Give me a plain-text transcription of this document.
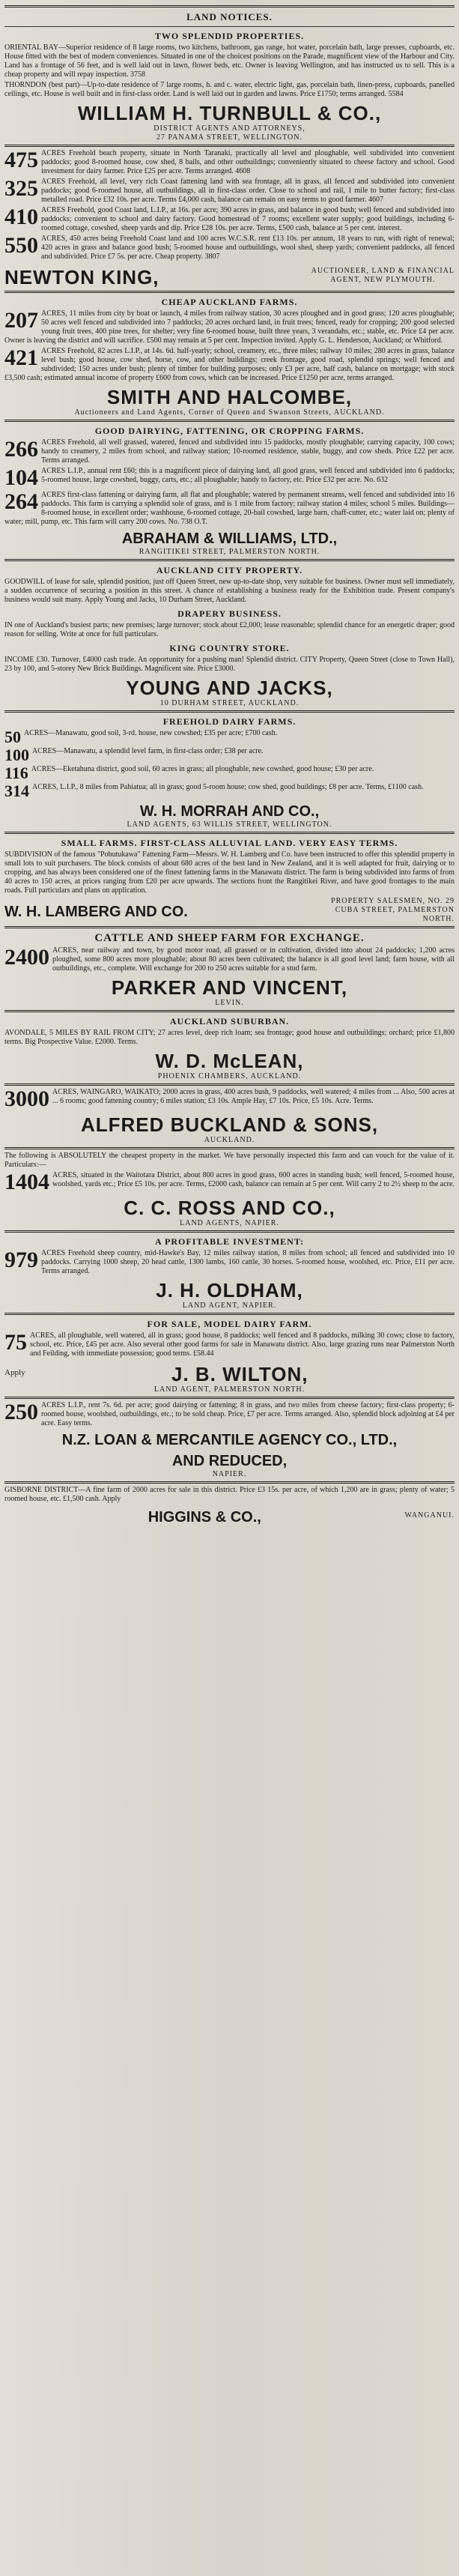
LAND NOTICES.
TWO SPLENDID PROPERTIES.

ORIENTAL BAY—Superior residence of 8 large rooms, two kitchens, bathroom, gas range, hot water, porcelain bath, large presses, cupboards, etc. House fitted with the best of modern conveniences. Situated in one of the choicest positions on the Parade, magnificent view of the Harbour and City. Land has a frontage of 56 feet, and is well laid out in lawn, flower beds, etc. Owner is leaving Wellington, and has instructed us to sell. This is a cheap property and will repay inspection. 3758

THORNDON (best part)—Up-to-date residence of 7 large rooms, h. and c. water, electric light, gas, porcelain bath, linen-press, cupboards, panelled ceilings, etc. House is well built and in first-class order. Land is well laid out in garden and lawns. Price £1750; terms arranged. 5584

WILLIAM H. TURNBULL & CO.,
DISTRICT AGENTS AND ATTORNEYS,
27 PANAMA STREET, WELLINGTON.
475 ACRES Freehold beach property, situate in North Taranaki, practically all level and ploughable, well subdivided into convenient paddocks; good 8-roomed house, cow shed, 8 bails, and other outbuildings; conveniently situated to cheese factory and school. Good investment for dairy farmer. Price £25 per acre. Terms arranged. 4608
325 ACRES Freehold, all level, very rich Coast fattening land with sea frontage, all in grass, all fenced and subdivided into convenient paddocks; good 6-roomed house, all outbuildings, all in first-class order. Close to school and rail, 1 mile to butter factory; first-class metalled road. Price £32 10s. per acre. Terms £4,000 cash, balance can remain on easy terms to good farmer. 4607
410 ACRES Freehold, good Coast land, L.I.P., at 16s. per acre; 390 acres in grass, and balance in good bush; well fenced and subdivided into paddocks; convenient to school and dairy factory. Good homestead of 7 rooms; excellent water supply; good buildings, including 6-roomed cottage, cowshed, sheep yards and dip. Price £28 10s. per acre. Terms, £500 cash, balance at 5 per cent. interest.
550 ACRES, 450 acres being Freehold Coast land and 100 acres W.C.S.R. rent £13 10s. per annum, 18 years to run, with right of renewal; 420 acres in grass and balance good bush; 5-roomed house and outbuildings, wool shed, sheep yards; convenient paddocks, all fenced and subdivided. Price £7 5s. per acre. Cheap property. 3807
NEWTON KING,	AUCTIONEER, LAND & FINANCIAL
AGENT, NEW PLYMOUTH.
CHEAP AUCKLAND FARMS.
207 ACRES, 11 miles from city by boat or launch, 4 miles from railway station, 30 acres ploughed and in good grass; 120 acres ploughable; 50 acres well fenced and subdivided into 7 paddocks; 20 acres orchard land, in fruit trees; fenced, ready for cropping; 200 good selected young fruit trees, 400 pine trees, for shelter; very fine 6-roomed house, built three years, 3 verandahs, etc.; stable, etc. Price £4 per acre. Owner is leaving the district and will sacrifice. £500 may remain at 5 per cent. Inspection invited. Apply G. L. Henderson, Auckland; or Whitford.
421 ACRES Freehold, 82 acres L.I.P., at 14s. 6d. half-yearly; school, creamery, etc., three miles; railway 10 miles; 280 acres in grass, balance level bush; good house, cow shed, horse, cow, and other buildings; creek frontage, good road, splendid springs; well fenced and subdivided; 150 acres under bush; plenty of timber for building purposes; only £3 per acre, half cash, balance on mortgage; with stock £3,500 cash; estimated annual income of property £600 from cows, which can be increased. Price £1250 per acre, terms arranged.
SMITH AND HALCOMBE,
Auctioneers and Land Agents, Corner of Queen and Swanson Streets, AUCKLAND.
GOOD DAIRYING, FATTENING, OR CROPPING FARMS.
266 ACRES Freehold, all well grassed, watered, fenced and subdivided into 15 paddocks, mostly ploughable; carrying capacity, 100 cows; handy to creamery, 2 miles from school, and railway station; 10-roomed residence, stable, buggy, and cow sheds. Price £22 per acre. Terms arranged.
104 ACRES L.I.P., annual rent £60; this is a magnificent piece of dairying land, all good grass, well fenced and subdivided into 6 paddocks; 5-roomed house, large cowshed, buggy, carts, etc.; all ploughable; handy to factory, etc. Price £32 per acre. No. 632
264 ACRES first-class fattening or dairying farm, all flat and ploughable; watered by permanent streams, well fenced and subdivided into 16 paddocks. This farm is carrying a splendid sole of grass, and is 1 mile from factory; railway station 4 miles; school 5 miles. Buildings—8-roomed house, in excellent order; washhouse, 6-roomed cottage, 20-bail cowshed, large barn, chaff-cutter, etc.; water laid on; plenty of water; mill, pump, etc. This farm will carry 200 cows. No. 738 O.T.
ABRAHAM & WILLIAMS, LTD.,
RANGITIKEI STREET, PALMERSTON NORTH.
AUCKLAND CITY PROPERTY.

GOODWILL of lease for sale, splendid position, just off Queen Street, new up-to-date shop, very suitable for business. Owner must sell immediately, a sudden occurrence of securing a position in this street. A chance of establishing a business ready for the Exhibition trade. Present company's business would suit many. Apply Young and Jacks, 10 Durham Street, Auckland.

DRAPERY BUSINESS.

IN one of Auckland's busiest parts; new premises; large turnover; stock about £2,000; lease reasonable; splendid chance for an energetic draper; good reason for selling. Write at once for full particulars.

KING COUNTRY STORE.

INCOME £30. Turnover, £4000 cash trade. An opportunity for a pushing man! Splendid district. CITY Property, Queen Street (close to Town Hall), 23 by 100, and 5-storey New Brick Buildings. Magnificent site. Price £3000.

YOUNG AND JACKS,
10 DURHAM STREET, AUCKLAND.
FREEHOLD DAIRY FARMS.
50 ACRES—Manawatu, good soil, 3-rd. house, new cowshed; £35 per acre; £700 cash.
100 ACRES—Manawatu, a splendid level farm, in first-class order; £38 per acre.
116 ACRES—Eketahuna district, good soil, 60 acres in grass; all ploughable, new cowshed, good house; £30 per acre.
314 ACRES, L.I.P., 8 miles from Pahiatua; all in grass; good 5-room house; cow shed, good buildings; £8 per acre. Terms, £1100 cash.
W. H. MORRAH AND CO.,
LAND AGENTS, 63 WILLIS STREET, WELLINGTON.
SMALL FARMS. FIRST-CLASS ALLUVIAL LAND. VERY EASY TERMS.

SUBDIVISION of the famous "Pohutukawa" Fattening Farm—Messrs. W. H. Lamberg and Co. have been instructed to offer this splendid property in small lots to suit purchasers. The block consists of about 680 acres of the best land in New Zealand, and it is well adapted for fruit, dairying or to cropping, and has always been considered one of the finest fattening farms in the Manawatu district. The farm is being subdivided into farms of from 40 acres to 150 acres, at prices ranging from £20 per acre upwards. The sections front the Rangitikei River, and have good frontages to the main roads. Full particulars and plans on application.

W. H. LAMBERG AND CO.
PROPERTY SALESMEN, NO. 29 CUBA STREET, PALMERSTON NORTH.
CATTLE AND SHEEP FARM FOR EXCHANGE.
2400 ACRES, near railway and town, by good motor road, all grassed or in cultivation, divided into about 24 paddocks; 1,200 acres ploughed, some 800 acres more ploughable; about 80 acres been cultivated; the balance is all good level land; farm house, with all outbuildings, etc., complete. Will exchange for 200 to 250 acres suitable for a stud farm.
PARKER AND VINCENT,
LEVIN.
AUCKLAND SUBURBAN.

AVONDALE, 5 MILES BY RAIL FROM CITY; 27 acres level, deep rich loam; sea frontage; good house and outbuildings; orchard; price £1,800 terms. Big Prospective Value. £2000. Terms.

W. D. McLEAN,
PHOENIX CHAMBERS, AUCKLAND.
3000 ACRES, WAINGARO, WAIKATO; 2000 acres in grass, 400 acres bush, 9 paddocks, well watered; 4 miles from ... Also, 500 acres at ... 6 rooms; good fattening country; 6 miles station; £3 10s. Ample Hay, £7 10s. Price, £5 10s. Acre. Terms.
ALFRED BUCKLAND & SONS,
AUCKLAND.

The following is ABSOLUTELY the cheapest property in the market. We have personally inspected this farm and can vouch for the value of it. Particulars:—

1404 ACRES, situated in the Waitotara District, about 800 acres in good grass, 600 acres in standing bush; well fenced, 5-roomed house, woolshed, yards etc.; Price £5 10s. per acre. Terms, £2000 cash, balance can remain at 5 per cent. Will carry 2 to 2½ sheep to the acre.
C. C. ROSS AND CO.,
LAND AGENTS, NAPIER.
A PROFITABLE INVESTMENT:
979 ACRES Freehold sheep country, mid-Hawke's Bay, 12 miles railway station, 8 miles from school; all fenced and subdivided into 10 paddocks. Carrying 1000 sheep, 20 head cattle, 1300 lambs, 160 cattle, 30 horses. 5-roomed house, woolshed, etc. Price, £11 per acre. Terms arranged.
J. H. OLDHAM,
LAND AGENT, NAPIER.
FOR SALE, MODEL DAIRY FARM.
75 ACRES, all ploughable, well watered, all in grass; good house, 8 paddocks; well fenced and 8 paddocks, milking 30 cows; close to factory, school, etc. Price, £45 per acre. Also several other good farms for sale in Manawatu district. Also, large grazing runs near Palmerston North and Feilding, with immediate possession; good terms. £58.44
Apply	J. B. WILTON,
LAND AGENT, PALMERSTON NORTH.
250 ACRES L.I.P., rent 7s. 6d. per acre; good dairying or fattening; 8 in grass, and two miles from cheese factory; first-class property; 6-roomed house, woolshed, outbuildings, etc.; to be sold cheap. Price, £7 per acre. Terms arranged. Also, splendid block adjoining at £4 per acre. Easy terms.
N.Z. LOAN & MERCANTILE AGENCY CO., LTD.,
AND REDUCED,
NAPIER.

GISBORNE DISTRICT—A fine farm of 2000 acres for sale in this district. Price £3 15s. per acre, of which 1,200 are in grass; plenty of water; 5 roomed house, etc. £1,500 cash. Apply

HIGGINS & CO.,	WANGANUI.
